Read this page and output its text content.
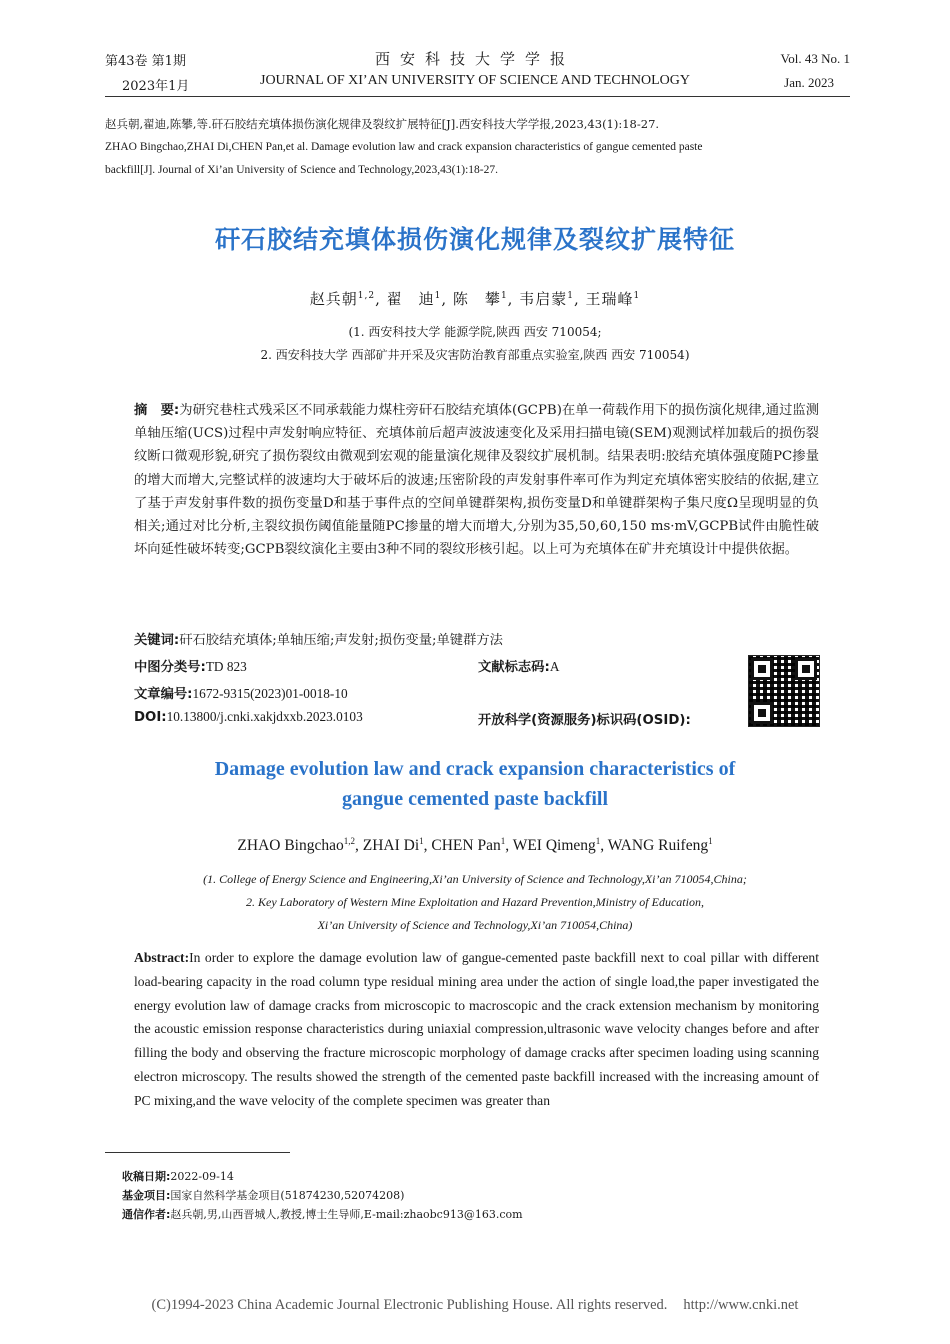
第43卷 第1期
2023年1月
西安科技大学学报
JOURNAL OF XI’AN UNIVERSITY OF SCIENCE AND TECHNOLOGY
Vol. 43 No. 1
Jan. 2023
赵兵朝,翟迪,陈攀,等.矸石胶结充填体损伤演化规律及裂纹扩展特征[J].西安科技大学学报,2023,43(1):18-27.
ZHAO Bingchao,ZHAI Di,CHEN Pan,et al. Damage evolution law and crack expansion characteristics of gangue cemented paste
backfill[J]. Journal of Xi’an University of Science and Technology,2023,43(1):18-27.
矸石胶结充填体损伤演化规律及裂纹扩展特征
赵兵朝$^{1,2}$, 翟　迪$^1$, 陈　攀$^1$, 韦启蒙$^1$, 王瑞峰$^1$
(1. 西安科技大学 能源学院,陕西 西安 710054;
2. 西安科技大学 西部矿井开采及灾害防治教育部重点实验室,陕西 西安 710054)
摘　要:为研究巷柱式残采区不同承载能力煤柱旁矸石胶结充填体(GCPB)在单一荷载作用下的损伤演化规律,通过监测单轴压缩(UCS)过程中声发射响应特征、充填体前后超声波波速变化及采用扫描电镜(SEM)观测试样加载后的损伤裂纹断口微观形貌,研究了损伤裂纹由微观到宏观的能量演化规律及裂纹扩展机制。结果表明:胶结充填体强度随PC掺量的增大而增大,完整试样的波速均大于破坏后的波速;压密阶段的声发射事件率可作为判定充填体密实胶结的依据,建立了基于声发射事件数的损伤变量D和基于事件点的空间单键群架构,损伤变量D和单键群架构子集尺度Ω呈现明显的负相关;通过对比分析,主裂纹损伤阈值能量随PC掺量的增大而增大,分别为35,50,60,150 ms·mV,GCPB试件由脆性破坏向延性破坏转变;GCPB裂纹演化主要由3种不同的裂纹形核引起。以上可为充填体在矿井充填设计中提供依据。
关键词:矸石胶结充填体;单轴压缩;声发射;损伤变量;单键群方法
中图分类号:TD 823	文献标志码:A
文章编号:1672-9315(2023)01-0018-10
DOI:10.13800/j.cnki.xakjdxxb.2023.0103	开放科学(资源服务)标识码(OSID):
Damage evolution law and crack expansion characteristics of
gangue cemented paste backfill
ZHAO Bingchao$^{1,2}$, ZHAI Di$^1$, CHEN Pan$^1$, WEI Qimeng$^1$, WANG Ruifeng$^1$
(1. College of Energy Science and Engineering,Xi’an University of Science and Technology,Xi’an 710054,China;
2. Key Laboratory of Western Mine Exploitation and Hazard Prevention,Ministry of Education,
Xi’an University of Science and Technology,Xi’an 710054,China)
Abstract:In order to explore the damage evolution law of gangue-cemented paste backfill next to coal pillar with different load-bearing capacity in the road column type residual mining area under the action of single load,the paper investigated the energy evolution law of damage cracks from microscopic to macroscopic and the crack extension mechanism by monitoring the acoustic emission response characteristics during uniaxial compression,ultrasonic wave velocity changes before and after filling the body and observing the fracture microscopic morphology of damage cracks after specimen loading using scanning electron microscopy. The results showed the strength of the cemented paste backfill increased with the increasing amount of PC mixing,and the wave velocity of the complete specimen was greater than
收稿日期:2022-09-14
基金项目:国家自然科学基金项目(51874230,52074208)
通信作者:赵兵朝,男,山西晋城人,教授,博士生导师,E-mail:zhaobc913@163.com
(C)1994-2023 China Academic Journal Electronic Publishing House. All rights reserved. http://www.cnki.net
